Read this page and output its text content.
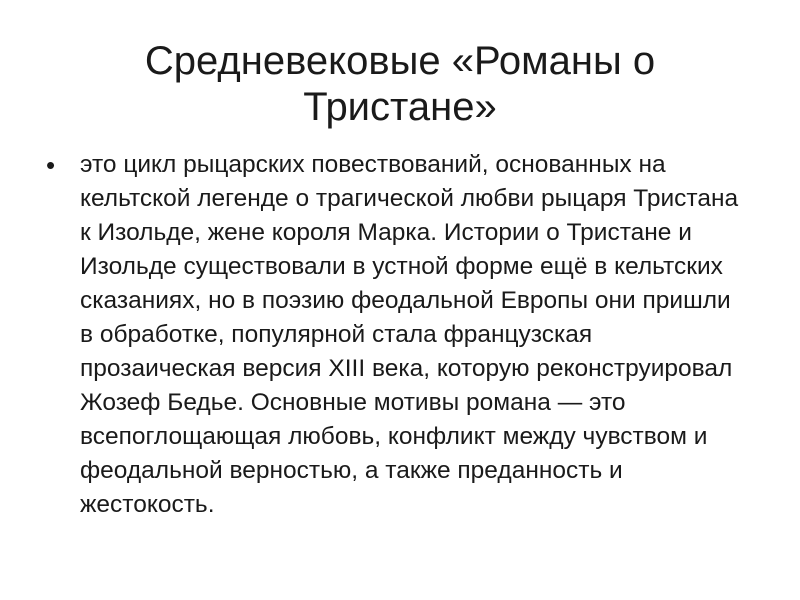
Средневековые «Романы о Тристане»
• это цикл рыцарских повествований, основанных на кельтской легенде о трагической любви рыцаря Тристана к Изольде, жене короля Марка. Истории о Тристане и Изольде существовали в устной форме ещё в кельтских сказаниях, но в поэзию феодальной Европы они пришли в обработке, популярной стала французская прозаическая версия XIII века, которую реконструировал Жозеф Бедье. Основные мотивы романа — это всепоглощающая любовь, конфликт между чувством и феодальной верностью, а также преданность и жестокость.
